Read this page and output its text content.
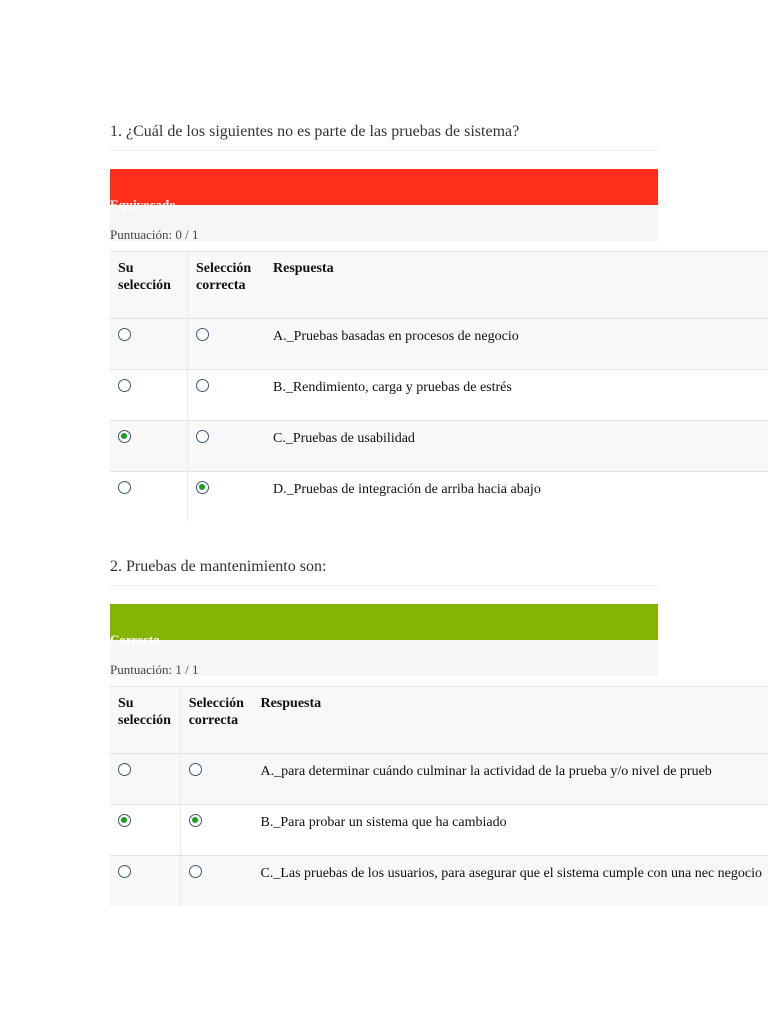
1. ¿Cuál de los siguientes no es parte de las pruebas de sistema?
Equivocado
Puntuación: 0 / 1
Su selección	Selección correcta	Respuesta
		A._Pruebas basadas en procesos de negocio
		B._Rendimiento, carga y pruebas de estrés
		C._Pruebas de usabilidad
		D._Pruebas de integración de arriba hacia abajo
2. Pruebas de mantenimiento son:
Correcto
Puntuación: 1 / 1
Su selección	Selección correcta	Respuesta
		A._para determinar cuándo culminar la actividad de la prueba y/o nivel de prueb
		B._Para probar un sistema que ha cambiado
		C._Las pruebas de los usuarios, para asegurar que el sistema cumple con una nec negocio
